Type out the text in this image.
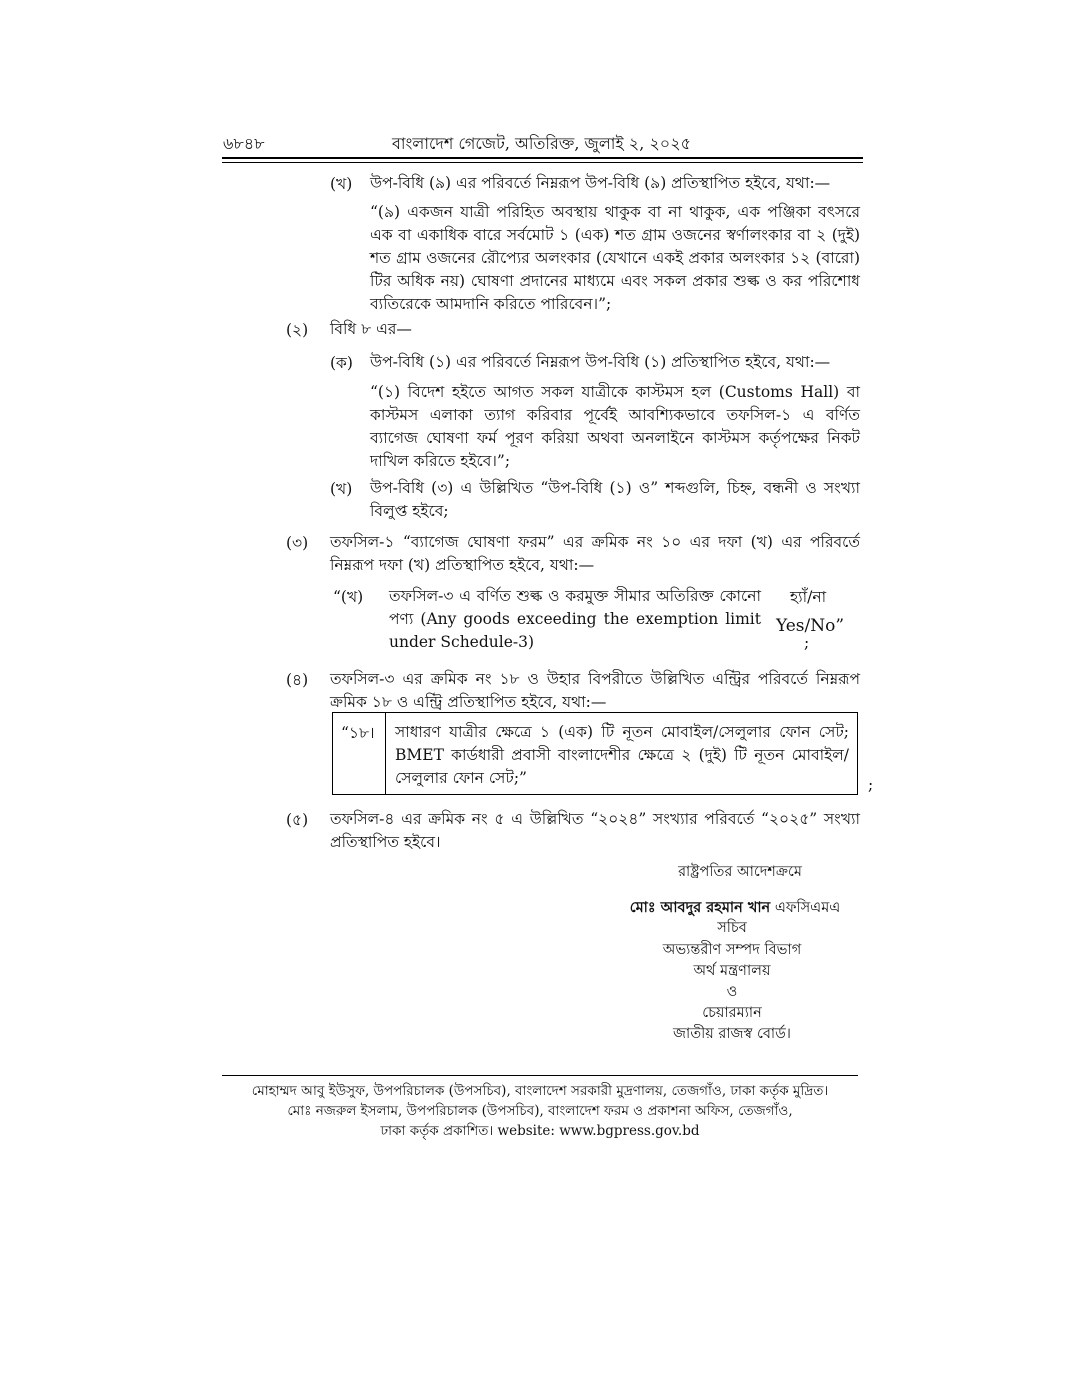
৬৮৪৮	বাংলাদেশ গেজেট, অতিরিক্ত, জুলাই ২, ২০২৫
(খ) উপ-বিধি (৯) এর পরিবর্তে নিম্নরূপ উপ-বিধি (৯) প্রতিস্থাপিত হইবে, যথা:—
“(৯) একজন যাত্রী পরিহিত অবস্থায় থাকুক বা না থাকুক, এক পঞ্জিকা বৎসরে এক বা একাধিক বারে সর্বমোট ১ (এক) শত গ্রাম ওজনের স্বর্ণালংকার বা ২ (দুই) শত গ্রাম ওজনের রৌপ্যের অলংকার (যেখানে একই প্রকার অলংকার ১২ (বারো) টির অধিক নয়) ঘোষণা প্রদানের মাধ্যমে এবং সকল প্রকার শুল্ক ও কর পরিশোধ ব্যতিরেকে আমদানি করিতে পারিবেন।”;
(২) বিধি ৮ এর—
(ক) উপ-বিধি (১) এর পরিবর্তে নিম্নরূপ উপ-বিধি (১) প্রতিস্থাপিত হইবে, যথা:—
“(১) বিদেশ হইতে আগত সকল যাত্রীকে কাস্টমস হল (Customs Hall) বা কাস্টমস এলাকা ত্যাগ করিবার পূর্বেই আবশ্যিকভাবে তফসিল-১ এ বর্ণিত ব্যাগেজ ঘোষণা ফর্ম পূরণ করিয়া অথবা অনলাইনে কাস্টমস কর্তৃপক্ষের নিকট দাখিল করিতে হইবে।”;
(খ) উপ-বিধি (৩) এ উল্লিখিত “উপ-বিধি (১) ও” শব্দগুলি, চিহ্ন, বন্ধনী ও সংখ্যা বিলুপ্ত হইবে;
(৩) তফসিল-১ “ব্যাগেজ ঘোষণা ফরম” এর ক্রমিক নং ১০ এর দফা (খ) এর পরিবর্তে নিম্নরূপ দফা (খ) প্রতিস্থাপিত হইবে, যথা:—
“(খ) তফসিল-৩ এ বর্ণিত শুল্ক ও করমুক্ত সীমার অতিরিক্ত কোনো পণ্য (Any goods exceeding the exemption limit under Schedule-3)
হ্যাঁ/না
Yes/No”
;
(৪) তফসিল-৩ এর ক্রমিক নং ১৮ ও উহার বিপরীতে উল্লিখিত এন্ট্রির পরিবর্তে নিম্নরূপ ক্রমিক ১৮ ও এন্ট্রি প্রতিস্থাপিত হইবে, যথা:—
“১৮। সাধারণ যাত্রীর ক্ষেত্রে ১ (এক) টি নূতন মোবাইল/সেলুলার ফোন সেট; BMET কার্ডধারী প্রবাসী বাংলাদেশীর ক্ষেত্রে ২ (দুই) টি নূতন মোবাইল/ সেলুলার ফোন সেট;”	;
(৫) তফসিল-৪ এর ক্রমিক নং ৫ এ উল্লিখিত “২০২৪” সংখ্যার পরিবর্তে “২০২৫” সংখ্যা প্রতিস্থাপিত হইবে।
রাষ্ট্রপতির আদেশক্রমে
মোঃ আবদুর রহমান খান এফসিএমএ
সচিব
অভ্যন্তরীণ সম্পদ বিভাগ
অর্থ মন্ত্রণালয়
ও
চেয়ারম্যান
জাতীয় রাজস্ব বোর্ড।
মোহাম্মদ আবু ইউসুফ, উপপরিচালক (উপসচিব), বাংলাদেশ সরকারী মুদ্রণালয়, তেজগাঁও, ঢাকা কর্তৃক মুদ্রিত।
মোঃ নজরুল ইসলাম, উপপরিচালক (উপসচিব), বাংলাদেশ ফরম ও প্রকাশনা অফিস, তেজগাঁও,
ঢাকা কর্তৃক প্রকাশিত। website: www.bgpress.gov.bd
